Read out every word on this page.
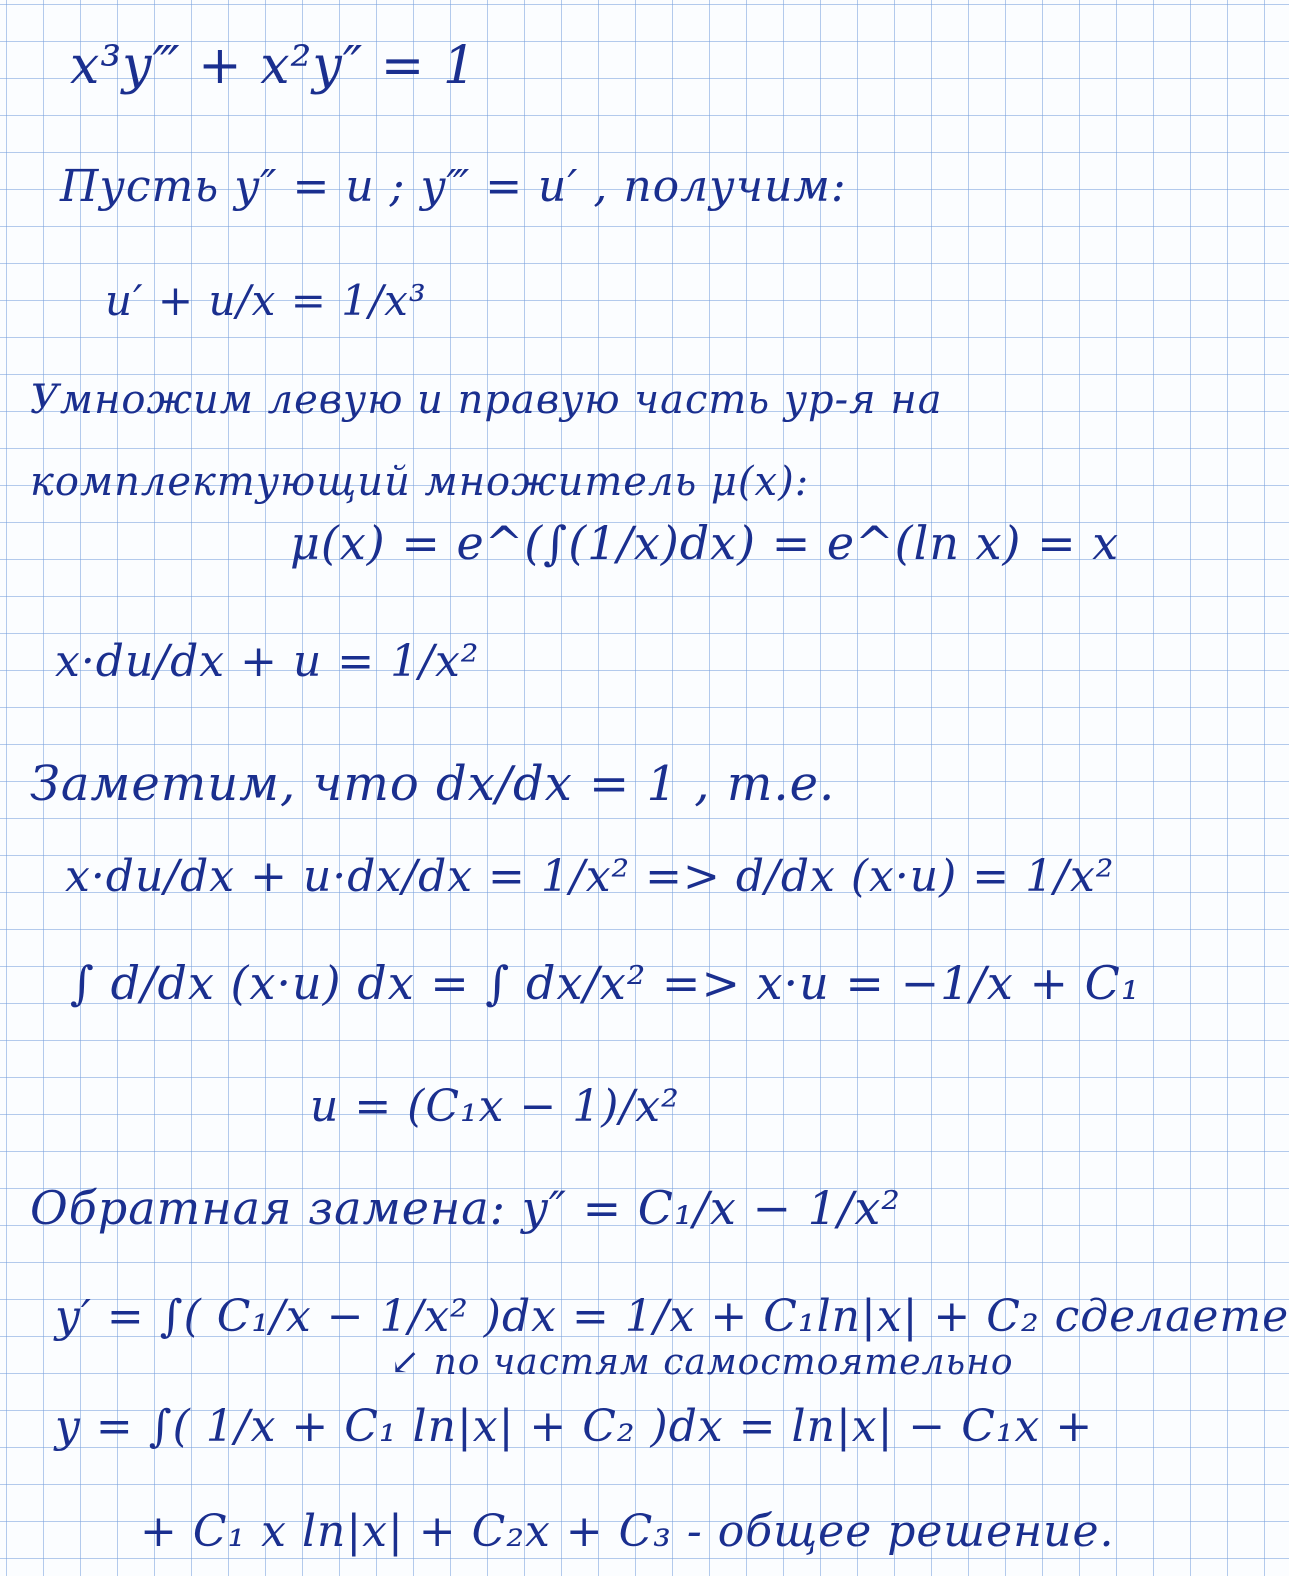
x³y‴ + x²y″ = 1
Пусть y″ = u ; y‴ = u′ , получим:
u′ + u/x = 1/x³
Умножим левую и правую часть ур-я на
комплектующий множитель μ(x):
μ(x) = e^(∫(1/x)dx) = e^(ln x) = x
x·du/dx + u = 1/x²
Заметим, что dx/dx = 1 , т.е.
x·du/dx + u·dx/dx = 1/x² => d/dx (x·u) = 1/x²
∫ d/dx (x·u) dx = ∫ dx/x² => x·u = −1/x + C₁
u = (C₁x − 1)/x²
Обратная замена: y″ = C₁/x − 1/x²
y′ = ∫( C₁/x − 1/x² )dx = 1/x + C₁ln|x| + C₂ сделаете
↙ по частям самостоятельно
y = ∫( 1/x + C₁ ln|x| + C₂ )dx = ln|x| − C₁x +
+ C₁ x ln|x| + C₂x + C₃ - общее решение.
